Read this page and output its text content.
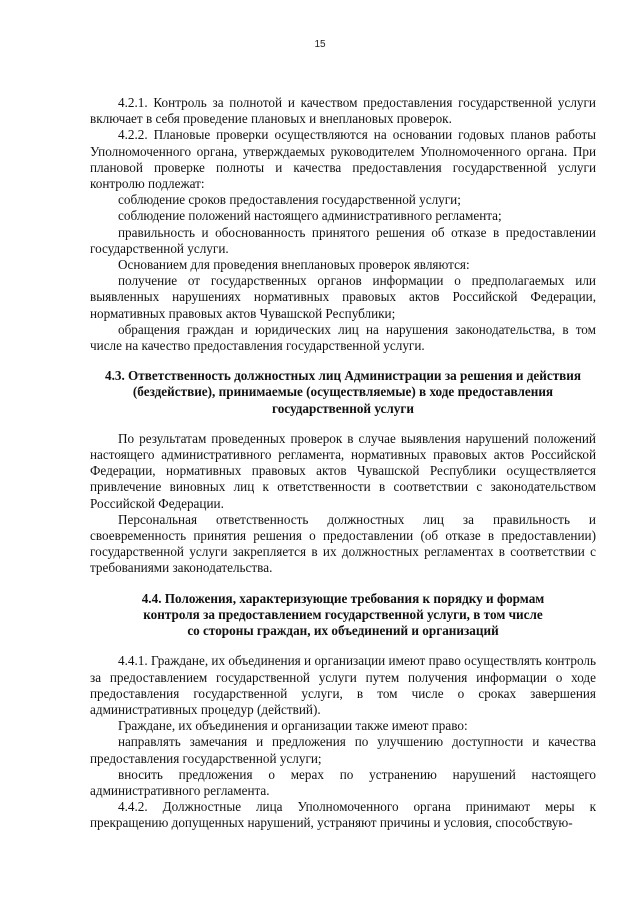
15

4.2.1. Контроль за полнотой и качеством предоставления государственной услуги включает в себя проведение плановых и внеплановых проверок.

4.2.2. Плановые проверки осуществляются на основании годовых планов работы Уполномоченного органа, утверждаемых руководителем Уполномоченного органа. При плановой проверке полноты и качества предоставления государственной услуги контролю подлежат:

соблюдение сроков предоставления государственной услуги;

соблюдение положений настоящего административного регламента;

правильность и обоснованность принятого решения об отказе в предоставлении государственной услуги.

Основанием для проведения внеплановых проверок являются:

получение от государственных органов информации о предполагаемых или выявленных нарушениях нормативных правовых актов Российской Федерации, нормативных правовых актов Чувашской Республики;

обращения граждан и юридических лиц на нарушения законодательства, в том числе на качество предоставления государственной услуги.

4.3. Ответственность должностных лиц Администрации за решения и действия (бездействие), принимаемые (осуществляемые) в ходе предоставления государственной услуги

По результатам проведенных проверок в случае выявления нарушений положений настоящего административного регламента, нормативных правовых актов Российской Федерации, нормативных правовых актов Чувашской Республики осуществляется привлечение виновных лиц к ответственности в соответствии с законодательством Российской Федерации.

Персональная ответственность должностных лиц за правильность и своевременность принятия решения о предоставлении (об отказе в предоставлении) государственной услуги закрепляется в их должностных регламентах в соответствии с требованиями законодательства.

4.4. Положения, характеризующие требования к порядку и формам контроля за предоставлением государственной услуги, в том числе со стороны граждан, их объединений и организаций

4.4.1. Граждане, их объединения и организации имеют право осуществлять контроль за предоставлением государственной услуги путем получения информации о ходе предоставления государственной услуги, в том числе о сроках завершения административных процедур (действий).

Граждане, их объединения и организации также имеют право:

направлять замечания и предложения по улучшению доступности и качества предоставления государственной услуги;

вносить предложения о мерах по устранению нарушений настоящего административного регламента.

4.4.2. Должностные лица Уполномоченного органа принимают меры к прекращению допущенных нарушений, устраняют причины и условия, способствую-
